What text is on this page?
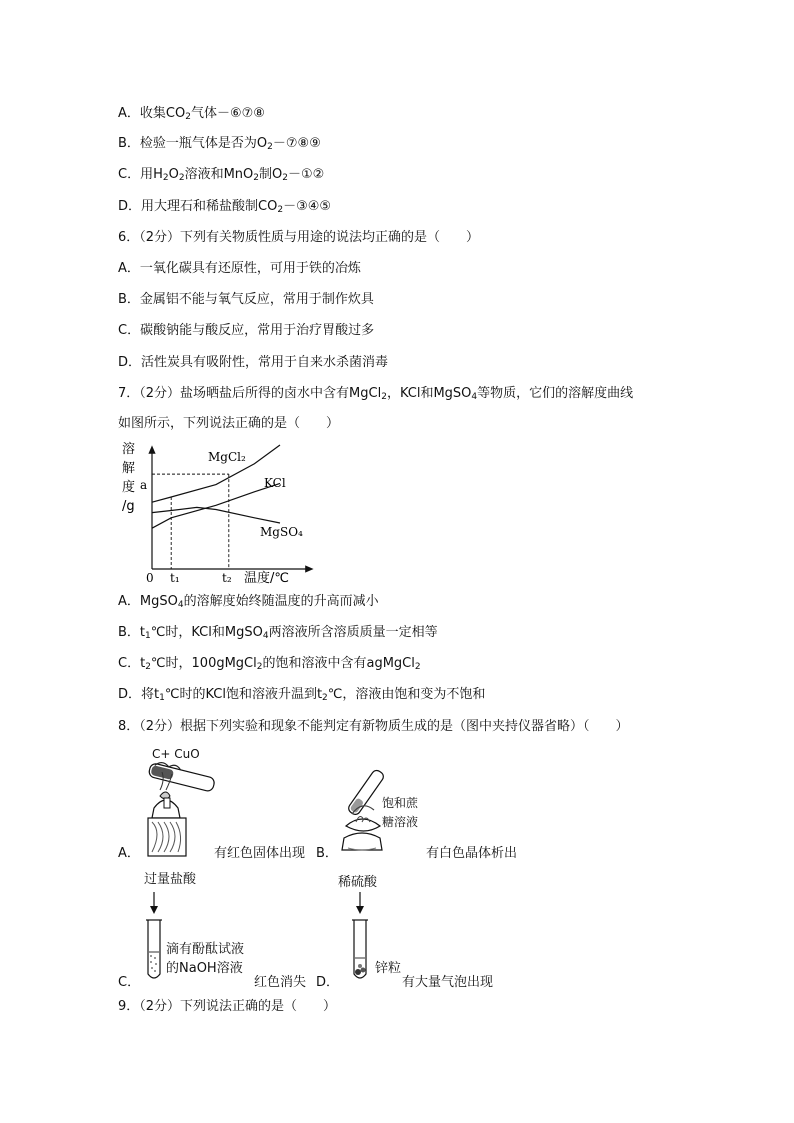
A．收集$CO_2$气体－⑥⑦⑧
B．检验一瓶气体是否为$O_2-⑦⑧⑨$
C．用$H_2O_2$溶液和MnO$_2$制$O_2-①②$
D．用大理石和稀盐酸制$CO_2-③④⑤$
6．（2分）下列有关物质性质与用途的说法均正确的是（　　）
A．一氧化碳具有还原性，可用于铁的冶炼
B．金属铝不能与氧气反应，常用于制作炊具
C．碳酸钠能与酸反应，常用于治疗胃酸过多
D．活性炭具有吸附性，常用于自来水杀菌消毒
7．（2分）盐场晒盐后所得的卤水中含有MgCl$_2$，KCl和MgSO$_4$等物质，它们的溶解度曲线
如图所示，下列说法正确的是（　　）
溶
解
度
/g
a
0 t₁	t₂ 温度/℃
MgCl₂
KCl
MgSO₄
A．MgSO$_4$的溶解度始终随温度的升高而减小
B．$t_1℃$时，KCl和MgSO$_4$两溶液所含溶质质量一定相等
C．$t_2℃$时，100gMgCl$_2$的饱和溶液中含有agMgCl$_2$
D．将$t_1℃$时的KCl饱和溶液升温到$t_2℃$，溶液由饱和变为不饱和
8．（2分）根据下列实验和现象不能判定有新物质生成的是（图中夹持仪器省略）（　　）
C+ CuO
A．	有红色固体出现
饱和蔗
糖溶液
B．	有白色晶体析出
过量盐酸
滴有酚酞试液
的NaOH溶液
C．	红色消失
稀硫酸
锌粒
D．	有大量气泡出现
9．（2分）下列说法正确的是（　　）
